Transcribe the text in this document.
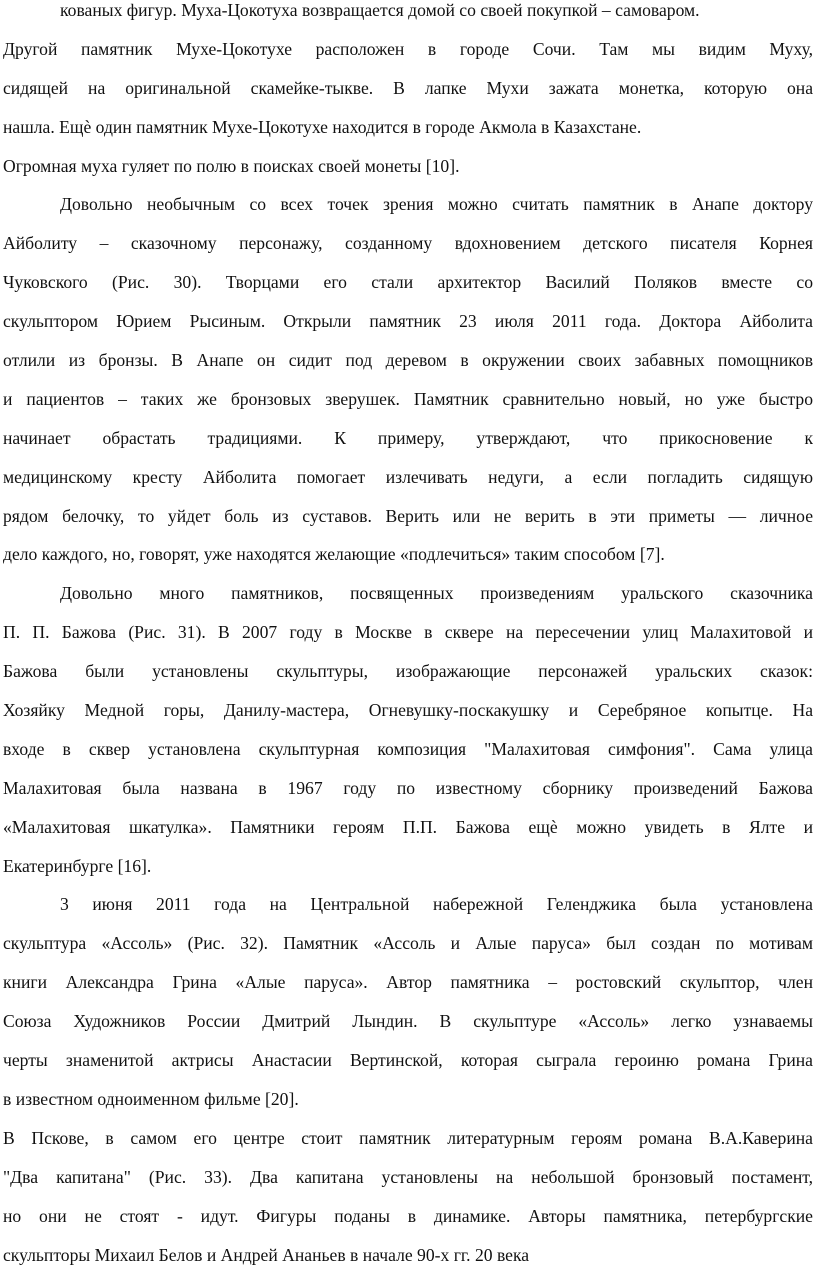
кованых фигур. Муха-Цокотуха возвращается домой со своей покупкой – самоваром.
Другой памятник Мухе-Цокотухе расположен в городе Сочи. Там мы видим Муху,
сидящей на оригинальной скамейке-тыкве. В лапке Мухи зажата монетка, которую она
нашла. Ещѐ один памятник Мухе-Цокотухе находится в городе Акмола в Казахстане.
Огромная муха гуляет по полю в поисках своей монеты [10].
Довольно необычным со всех точек зрения можно считать памятник в Анапе доктору
Айболиту – сказочному персонажу, созданному вдохновением детского писателя Корнея
Чуковского (Рис. 30). Творцами его стали архитектор Василий Поляков вместе со
скульптором Юрием Рысиным. Открыли памятник 23 июля 2011 года. Доктора Айболита
отлили из бронзы. В Анапе он сидит под деревом в окружении своих забавных помощников
и пациентов – таких же бронзовых зверушек. Памятник сравнительно новый, но уже быстро
начинает обрастать традициями. К примеру, утверждают, что прикосновение к
медицинскому кресту Айболита помогает излечивать недуги, а если погладить сидящую
рядом белочку, то уйдет боль из суставов. Верить или не верить в эти приметы — личное
дело каждого, но, говорят, уже находятся желающие «подлечиться» таким способом [7].
Довольно много памятников, посвященных произведениям уральского сказочника
П. П. Бажова (Рис. 31). В 2007 году в Москве в сквере на пересечении улиц Малахитовой и
Бажова были установлены скульптуры, изображающие персонажей уральских сказок:
Хозяйку Медной горы, Данилу-мастера, Огневушку-поскакушку и Серебряное копытце. На
входе в сквер установлена скульптурная композиция "Малахитовая симфония". Сама улица
Малахитовая была названа в 1967 году по известному сборнику произведений Бажова
«Малахитовая шкатулка». Памятники героям П.П. Бажова ещѐ можно увидеть в Ялте и
Екатеринбурге [16].
3 июня 2011 года на Центральной набережной Геленджика была установлена
скульптура «Ассоль» (Рис. 32). Памятник «Ассоль и Алые паруса» был создан по мотивам
книги Александра Грина «Алые паруса». Автор памятника – ростовский скульптор, член
Союза Художников России Дмитрий Лындин. В скульптуре «Ассоль» легко узнаваемы
черты знаменитой актрисы Анастасии Вертинской, которая сыграла героиню романа Грина
в известном одноименном фильме [20].
В Пскове, в самом его центре стоит памятник литературным героям романа В.А.Каверина
"Два капитана" (Рис. 33). Два капитана установлены на небольшой бронзовый постамент,
но они не стоят - идут. Фигуры поданы в динамике. Авторы памятника, петербургские
скульпторы Михаил Белов и Андрей Ананьев в начале 90-х гг. 20 века
